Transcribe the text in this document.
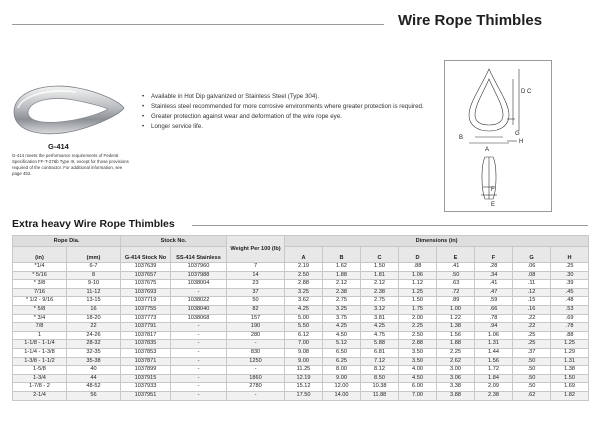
Wire Rope Thimbles
G-414
G-414 meets the performance requirements of Federal Specification FF-T-276b Type III, except for those provisions required of the contractor. For additional information, see page 452.
• Available in Hot Dip galvanized or Stainless Steel (Type 304).
• Stainless steel recommended for more corrosive environments where greater protection is required.
• Greater protection against wear and deformation of the wire rope eye.
• Longer service life.
D C
G
B
A
H
F
E
Extra heavy Wire Rope Thimbles
Rope Dia.		Stock No.		Weight Per 100 (lb)	Dimensions (in)							
(in)	(mm)	G-414 Stock No	SS-414 Stainless		A	B	C	D	E	F	G	H
*1/4	6-7	1037639	1037960	7	2.19	1.62	1.50	.88	.41	.28	.06	.25
* 5/16	8	1037657	1037988	14	2.50	1.88	1.81	1.06	.50	.34	.08	.30
* 3/8	9-10	1037675	1038004	23	2.88	2.12	2.12	1.12	.63	.41	.11	.39
7/16	11-12	1037693	-	37	3.25	2.38	2.38	1.25	.72	.47	.12	.45
* 1/2 - 9/16	13-15	1037719	1038022	50	3.62	2.75	2.75	1.50	.89	.59	.15	.48
* 5/8	16	1037755	1038040	82	4.25	3.25	3.12	1.75	1.00	.66	.16	.53
* 3/4	18-20	1037773	1038068	157	5.00	3.75	3.81	2.00	1.22	.78	.22	.69
7/8	22	1037791	-	190	5.50	4.25	4.25	2.25	1.38	.94	.22	.78
1	24-26	1037817	-	280	6.12	4.50	4.75	2.50	1.56	1.06	.25	.88
1-1/8 - 1-1/4	28-32	1037835	-	-	7.00	5.12	5.88	2.88	1.88	1.31	.25	1.25
1-1/4 - 1-3/8	32-35	1037853	-	830	9.08	6.50	6.81	3.50	2.25	1.44	.37	1.29
1-3/8 - 1-1/2	35-38	1037871	-	1250	9.00	6.25	7.12	3.50	2.62	1.56	.50	1.31
1-5/8	40	1037899	-	-	11.25	8.00	8.12	4.00	3.00	1.72	.50	1.38
1-3/4	44	1037915	-	1860	12.19	9.00	8.50	4.50	3.06	1.84	.50	1.50
1-7/8 - 2	48-52	1037933	-	2780	15.12	12.00	10.38	6.00	3.38	2.09	.50	1.69
2-1/4	56	1037951	-	-	17.50	14.00	11.88	7.00	3.88	2.38	.62	1.82
